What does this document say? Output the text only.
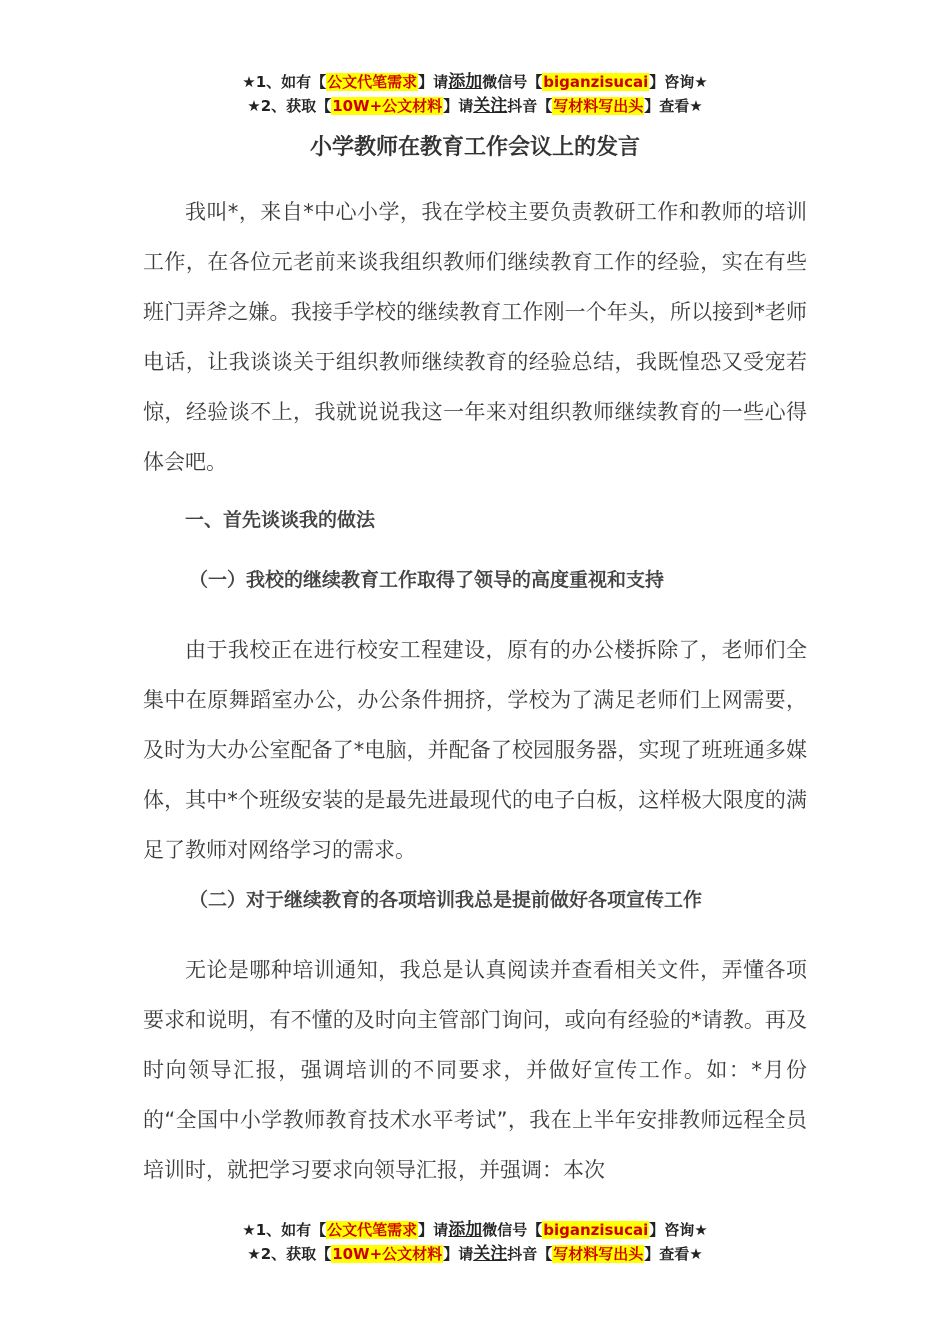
★1、如有【公文代笔需求】请添加微信号【biganzisucai】咨询★
★2、获取【10W+公文材料】请关注抖音【写材料写出头】查看★
小学教师在教育工作会议上的发言

我叫*，来自*中心小学，我在学校主要负责教研工作和教师的培训工作，在各位元老前来谈我组织教师们继续教育工作的经验，实在有些班门弄斧之嫌。我接手学校的继续教育工作刚一个年头，所以接到*老师电话，让我谈谈关于组织教师继续教育的经验总结，我既惶恐又受宠若惊，经验谈不上，我就说说我这一年来对组织教师继续教育的一些心得体会吧。

一、首先谈谈我的做法

（一）我校的继续教育工作取得了领导的高度重视和支持

由于我校正在进行校安工程建设，原有的办公楼拆除了，老师们全集中在原舞蹈室办公，办公条件拥挤，学校为了满足老师们上网需要，及时为大办公室配备了*电脑，并配备了校园服务器，实现了班班通多媒体，其中*个班级安装的是最先进最现代的电子白板，这样极大限度的满足了教师对网络学习的需求。

（二）对于继续教育的各项培训我总是提前做好各项宣传工作

无论是哪种培训通知，我总是认真阅读并查看相关文件，弄懂各项要求和说明，有不懂的及时向主管部门询问，或向有经验的*请教。再及时向领导汇报，强调培训的不同要求，并做好宣传工作。如：*月份的“全国中小学教师教育技术水平考试”，我在上半年安排教师远程全员培训时，就把学习要求向领导汇报，并强调：本次

★1、如有【公文代笔需求】请添加微信号【biganzisucai】咨询★
★2、获取【10W+公文材料】请关注抖音【写材料写出头】查看★
